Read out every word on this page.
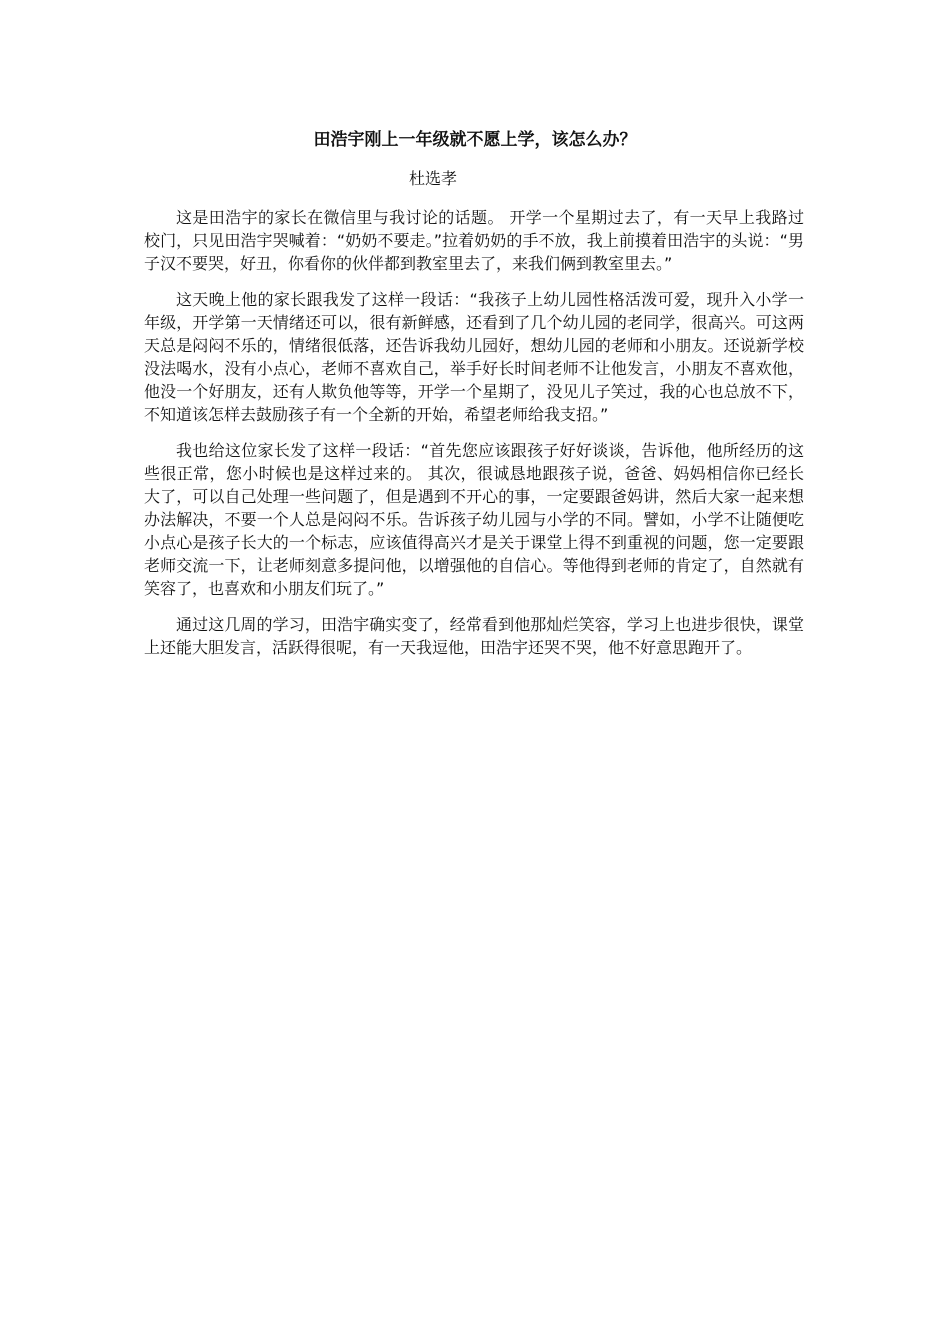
田浩宇刚上一年级就不愿上学，该怎么办？

杜选孝

这是田浩宇的家长在微信里与我讨论的话题。 开学一个星期过去了，有一天早上我路过校门，只见田浩宇哭喊着：“奶奶不要走。”拉着奶奶的手不放，我上前摸着田浩宇的头说：“男子汉不要哭，好丑，你看你的伙伴都到教室里去了，来我们俩到教室里去。”

这天晚上他的家长跟我发了这样一段话：“我孩子上幼儿园性格活泼可爱，现升入小学一年级，开学第一天情绪还可以，很有新鲜感，还看到了几个幼儿园的老同学，很高兴。可这两天总是闷闷不乐的，情绪很低落，还告诉我幼儿园好，想幼儿园的老师和小朋友。还说新学校没法喝水，没有小点心，老师不喜欢自己，举手好长时间老师不让他发言，小朋友不喜欢他，他没一个好朋友，还有人欺负他等等，开学一个星期了，没见儿子笑过，我的心也总放不下，不知道该怎样去鼓励孩子有一个全新的开始，希望老师给我支招。”

我也给这位家长发了这样一段话：“首先您应该跟孩子好好谈谈，告诉他，他所经历的这些很正常，您小时候也是这样过来的。 其次，很诚恳地跟孩子说，爸爸、妈妈相信你已经长大了，可以自己处理一些问题了，但是遇到不开心的事，一定要跟爸妈讲，然后大家一起来想办法解决，不要一个人总是闷闷不乐。告诉孩子幼儿园与小学的不同。譬如，小学不让随便吃小点心是孩子长大的一个标志，应该值得高兴才是关于课堂上得不到重视的问题，您一定要跟老师交流一下，让老师刻意多提问他，以增强他的自信心。等他得到老师的肯定了，自然就有笑容了，也喜欢和小朋友们玩了。”

通过这几周的学习，田浩宇确实变了，经常看到他那灿烂笑容，学习上也进步很快，课堂上还能大胆发言，活跃得很呢，有一天我逗他，田浩宇还哭不哭，他不好意思跑开了。
